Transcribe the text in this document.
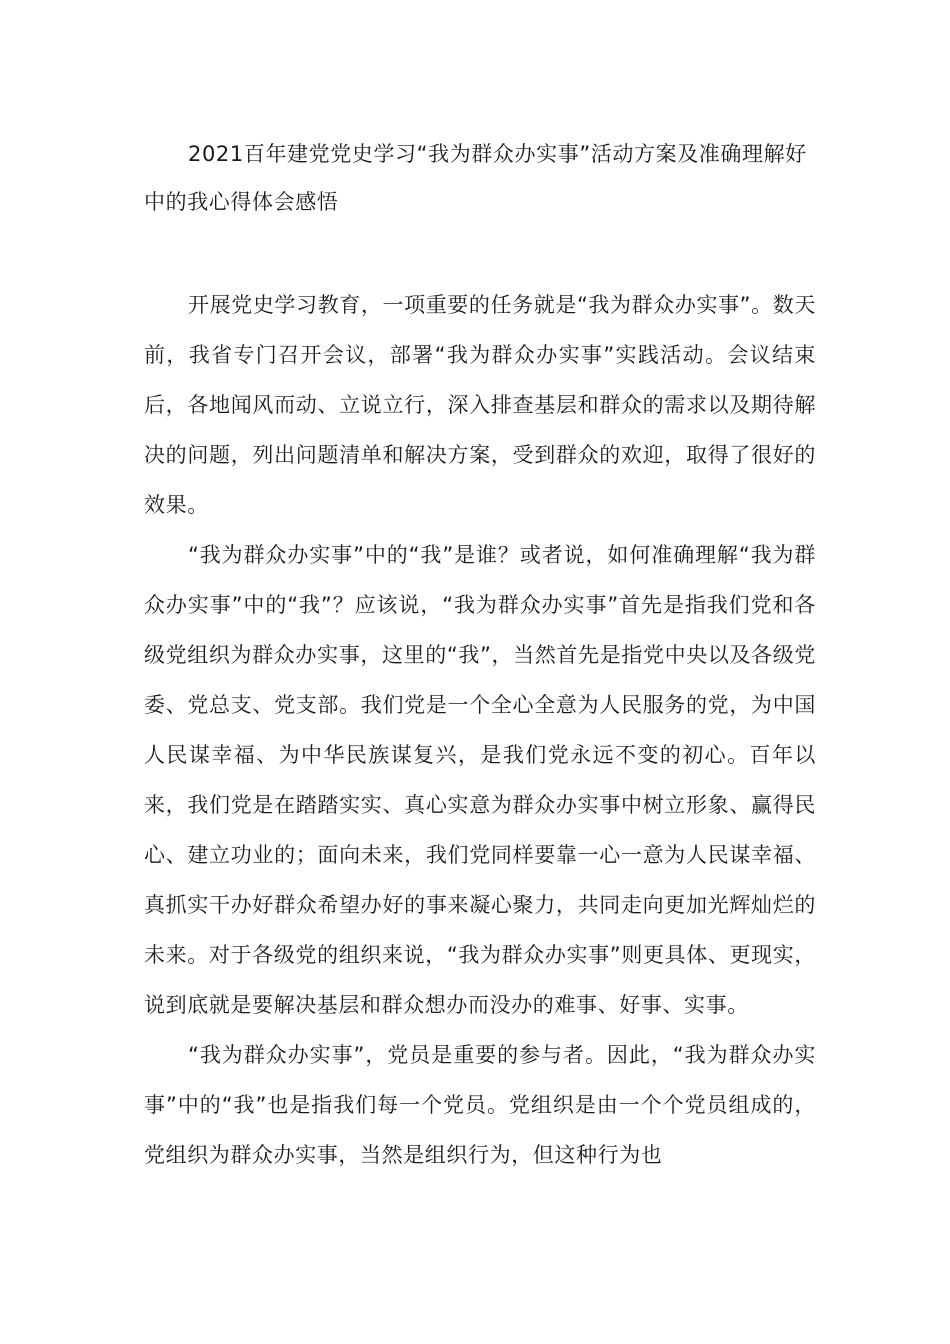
2021百年建党党史学习“我为群众办实事”活动方案及准确理解好中的我心得体会感悟

开展党史学习教育，一项重要的任务就是“我为群众办实事”。数天前，我省专门召开会议，部署“我为群众办实事”实践活动。会议结束后，各地闻风而动、立说立行，深入排查基层和群众的需求以及期待解决的问题，列出问题清单和解决方案，受到群众的欢迎，取得了很好的效果。

“我为群众办实事”中的“我”是谁？或者说，如何准确理解“我为群众办实事”中的“我”？应该说，“我为群众办实事”首先是指我们党和各级党组织为群众办实事，这里的“我”，当然首先是指党中央以及各级党委、党总支、党支部。我们党是一个全心全意为人民服务的党，为中国人民谋幸福、为中华民族谋复兴，是我们党永远不变的初心。百年以来，我们党是在踏踏实实、真心实意为群众办实事中树立形象、赢得民心、建立功业的；面向未来，我们党同样要靠一心一意为人民谋幸福、真抓实干办好群众希望办好的事来凝心聚力，共同走向更加光辉灿烂的未来。对于各级党的组织来说，“我为群众办实事”则更具体、更现实，说到底就是要解决基层和群众想办而没办的难事、好事、实事。

“我为群众办实事”，党员是重要的参与者。因此，“我为群众办实事”中的“我”也是指我们每一个党员。党组织是由一个个党员组成的，党组织为群众办实事，当然是组织行为，但这种行为也
